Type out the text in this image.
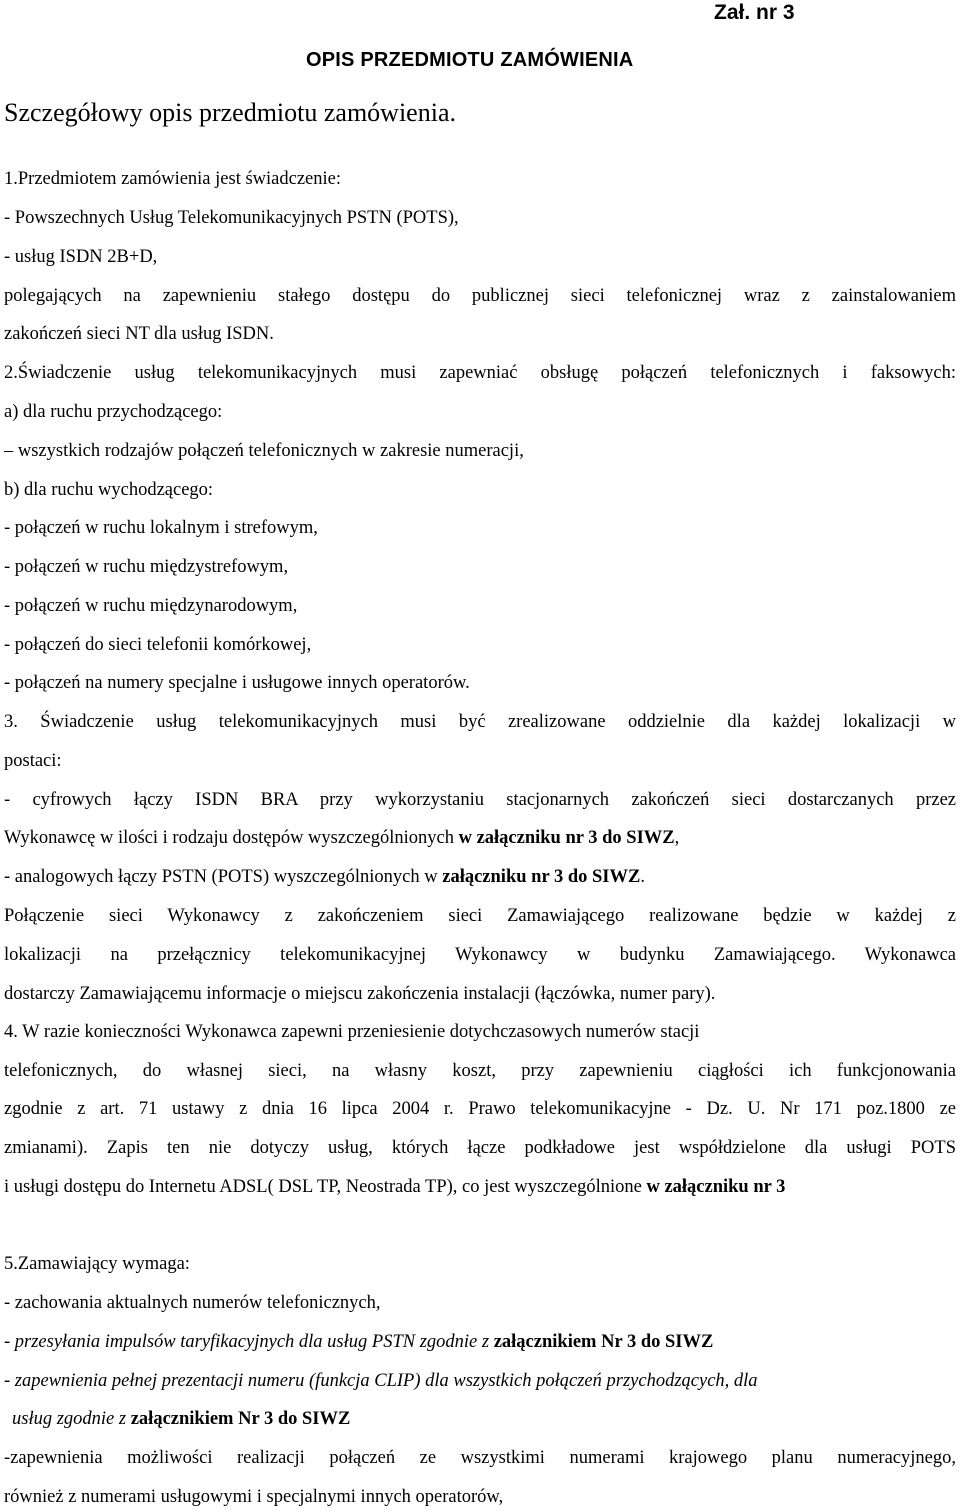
Zał. nr 3
OPIS PRZEDMIOTU ZAMÓWIENIA
Szczegółowy opis przedmiotu zamówienia.
1.Przedmiotem zamówienia jest świadczenie:
- Powszechnych Usług Telekomunikacyjnych PSTN (POTS),
- usług ISDN 2B+D,
polegających na zapewnieniu stałego dostępu do publicznej sieci telefonicznej wraz z zainstalowaniem
zakończeń sieci NT dla usług ISDN.
2.Świadczenie usług telekomunikacyjnych musi zapewniać obsługę połączeń telefonicznych i faksowych:
a) dla ruchu przychodzącego:
– wszystkich rodzajów połączeń telefonicznych w zakresie numeracji,
b) dla ruchu wychodzącego:
- połączeń w ruchu lokalnym i strefowym,
- połączeń w ruchu międzystrefowym,
- połączeń w ruchu międzynarodowym,
- połączeń do sieci telefonii komórkowej,
- połączeń na numery specjalne i usługowe innych operatorów.
3. Świadczenie usług telekomunikacyjnych musi być zrealizowane oddzielnie dla każdej lokalizacji w
postaci:
- cyfrowych łączy ISDN BRA przy wykorzystaniu stacjonarnych zakończeń sieci dostarczanych przez
Wykonawcę w ilości i rodzaju dostępów wyszczególnionych w załączniku nr 3 do SIWZ,
- analogowych łączy PSTN (POTS) wyszczególnionych w załączniku nr 3 do SIWZ.
Połączenie sieci Wykonawcy z zakończeniem sieci Zamawiającego realizowane będzie w każdej z
lokalizacji na przełącznicy telekomunikacyjnej Wykonawcy w budynku Zamawiającego. Wykonawca
dostarczy Zamawiającemu informacje o miejscu zakończenia instalacji (łączówka, numer pary).
4. W razie konieczności Wykonawca zapewni przeniesienie dotychczasowych numerów stacji
telefonicznych, do własnej sieci, na własny koszt, przy zapewnieniu ciągłości ich funkcjonowania
zgodnie z art. 71 ustawy z dnia 16 lipca 2004 r. Prawo telekomunikacyjne - Dz. U. Nr 171 poz.1800 ze
zmianami). Zapis ten nie dotyczy usług, których łącze podkładowe jest współdzielone dla usługi POTS
i usługi dostępu do Internetu ADSL( DSL TP, Neostrada TP), co jest wyszczególnione w załączniku nr 3
5.Zamawiający wymaga:
- zachowania aktualnych numerów telefonicznych,
- przesyłania impulsów taryfikacyjnych dla usług PSTN zgodnie z załącznikiem Nr 3 do SIWZ
- zapewnienia pełnej prezentacji numeru (funkcja CLIP) dla wszystkich połączeń przychodzących, dla
usług zgodnie z załącznikiem Nr 3 do SIWZ
-zapewnienia możliwości realizacji połączeń ze wszystkimi numerami krajowego planu numeracyjnego,
również z numerami usługowymi i specjalnymi innych operatorów,
